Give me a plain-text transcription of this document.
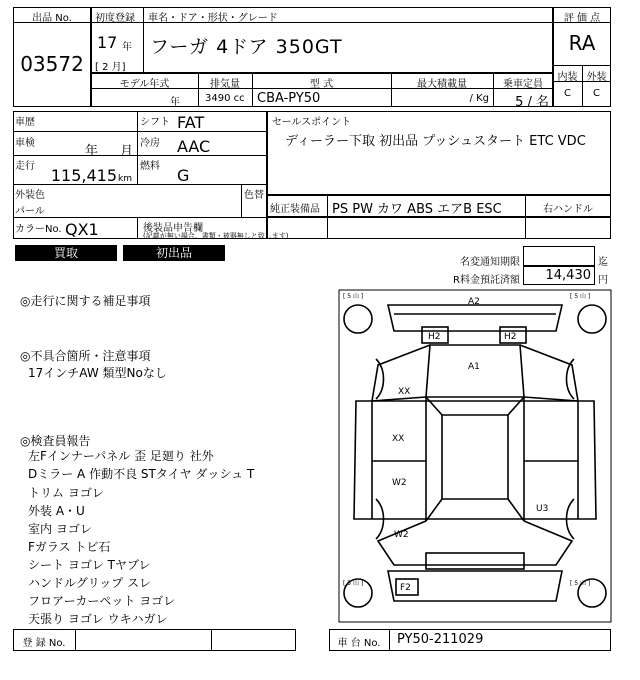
出品 No.
03572
初度登録 車名・ドア・形状・グレード
17 年
[ 2 月]
フーガ 4ドア 350GT
評 価 点
RA
内装 外装
C	C
モデル年式	排気量	型 式	最大積載量	乗車定員
年	3490 cc CBA-PY50	/ Kg	5 / 名
車歴	シフト FAT
車検
年 月
冷房 AAC
走行 115,415 km
燃料 G
外装色
パール
色替
カラーNo. QX1	後装品申告欄
(記載が無い場合、書類・被器無しと致します)
セールスポイント
ディーラー下取 初出品 プッシュスタート ETC VDC
純正装備品 PS PW カワ ABS エアB ESC	右ハンドル
買取	初出品
名変通知期限	迄
R料金預託済額	14,430 円
◎走行に関する補足事項
◎不具合箇所・注意事項
17インチAW 類型Noなし
◎検査員報告
左Fインナーパネル 歪 足廻り 社外
Dミラー A 作動不良 STタイヤ ダッシュ T
トリム ヨゴレ
外装 A・U
室内 ヨゴレ
Fガラス トビ石
シート ヨゴレ Tヤブレ
ハンドルグリップ スレ
フロアーカーペット ヨゴレ
天張り ヨゴレ ウキハガレ
[ 5 山 ]	[ 5 山 ]
[ 5 山 ]	[ 5 山 ]
A2
H2	H2
A1
XX
XX
W2
W2
U3
F2
登 録 No.	車 台 No.	PY50-211029
